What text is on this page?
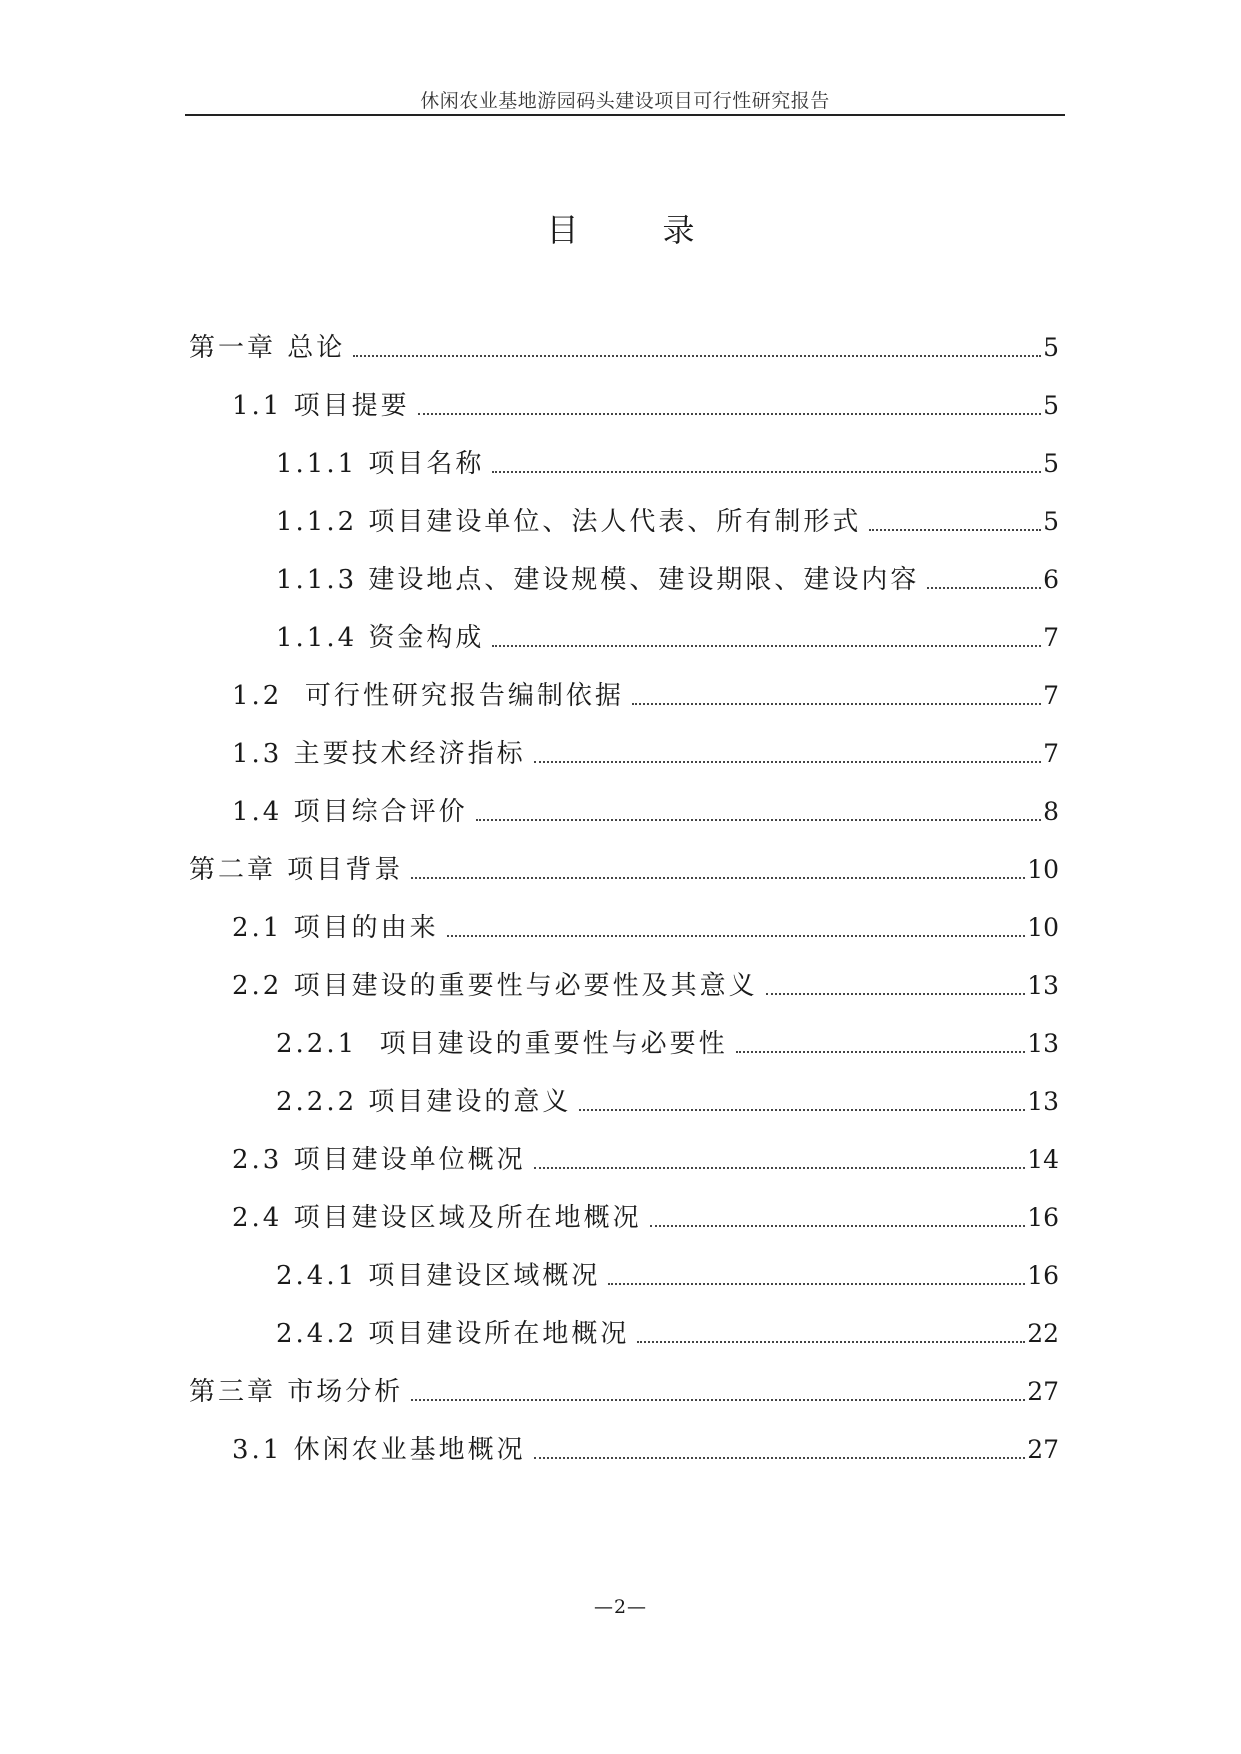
休闲农业基地游园码头建设项目可行性研究报告
目录
第一章 总论	5
1.1 项目提要	5
1.1.1 项目名称	5
1.1.2 项目建设单位、法人代表、所有制形式	5
1.1.3 建设地点、建设规模、建设期限、建设内容	6
1.1.4 资金构成	7
1.2  可行性研究报告编制依据	7
1.3 主要技术经济指标	7
1.4 项目综合评价	8
第二章 项目背景	10
2.1 项目的由来	10
2.2 项目建设的重要性与必要性及其意义	13
2.2.1  项目建设的重要性与必要性	13
2.2.2 项目建设的意义	13
2.3 项目建设单位概况	14
2.4 项目建设区域及所在地概况	16
2.4.1 项目建设区域概况	16
2.4.2 项目建设所在地概况	22
第三章 市场分析	27
3.1 休闲农业基地概况	27
—2—
